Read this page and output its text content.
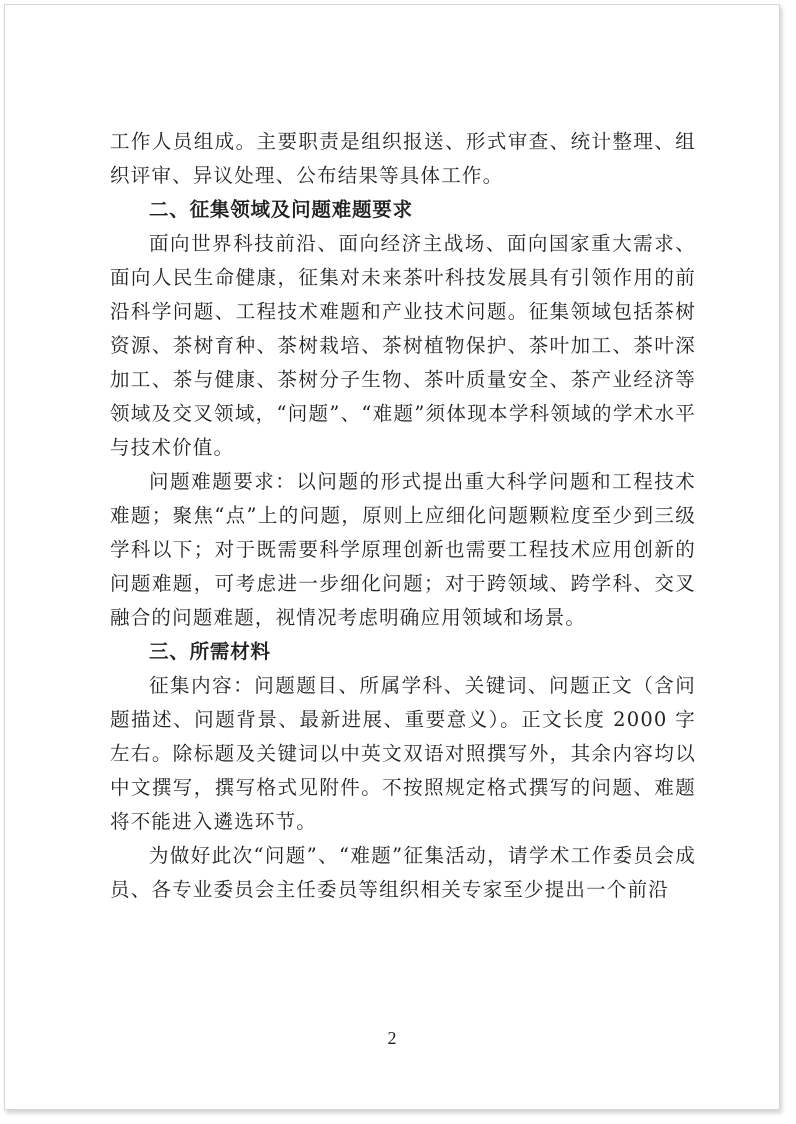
工作人员组成。主要职责是组织报送、形式审查、统计整理、组织评审、异议处理、公布结果等具体工作。

二、征集领域及问题难题要求

面向世界科技前沿、面向经济主战场、面向国家重大需求、面向人民生命健康，征集对未来茶叶科技发展具有引领作用的前沿科学问题、工程技术难题和产业技术问题。征集领域包括茶树资源、茶树育种、茶树栽培、茶树植物保护、茶叶加工、茶叶深加工、茶与健康、茶树分子生物、茶叶质量安全、茶产业经济等领域及交叉领域，“问题”、“难题”须体现本学科领域的学术水平与技术价值。

问题难题要求：以问题的形式提出重大科学问题和工程技术难题；聚焦“点”上的问题，原则上应细化问题颗粒度至少到三级学科以下；对于既需要科学原理创新也需要工程技术应用创新的问题难题，可考虑进一步细化问题；对于跨领域、跨学科、交叉融合的问题难题，视情况考虑明确应用领域和场景。

三、所需材料

征集内容：问题题目、所属学科、关键词、问题正文（含问题描述、问题背景、最新进展、重要意义）。正文长度 2000 字左右。除标题及关键词以中英文双语对照撰写外，其余内容均以中文撰写，撰写格式见附件。不按照规定格式撰写的问题、难题将不能进入遴选环节。

为做好此次“问题”、“难题”征集活动，请学术工作委员会成员、各专业委员会主任委员等组织相关专家至少提出一个前沿

2
